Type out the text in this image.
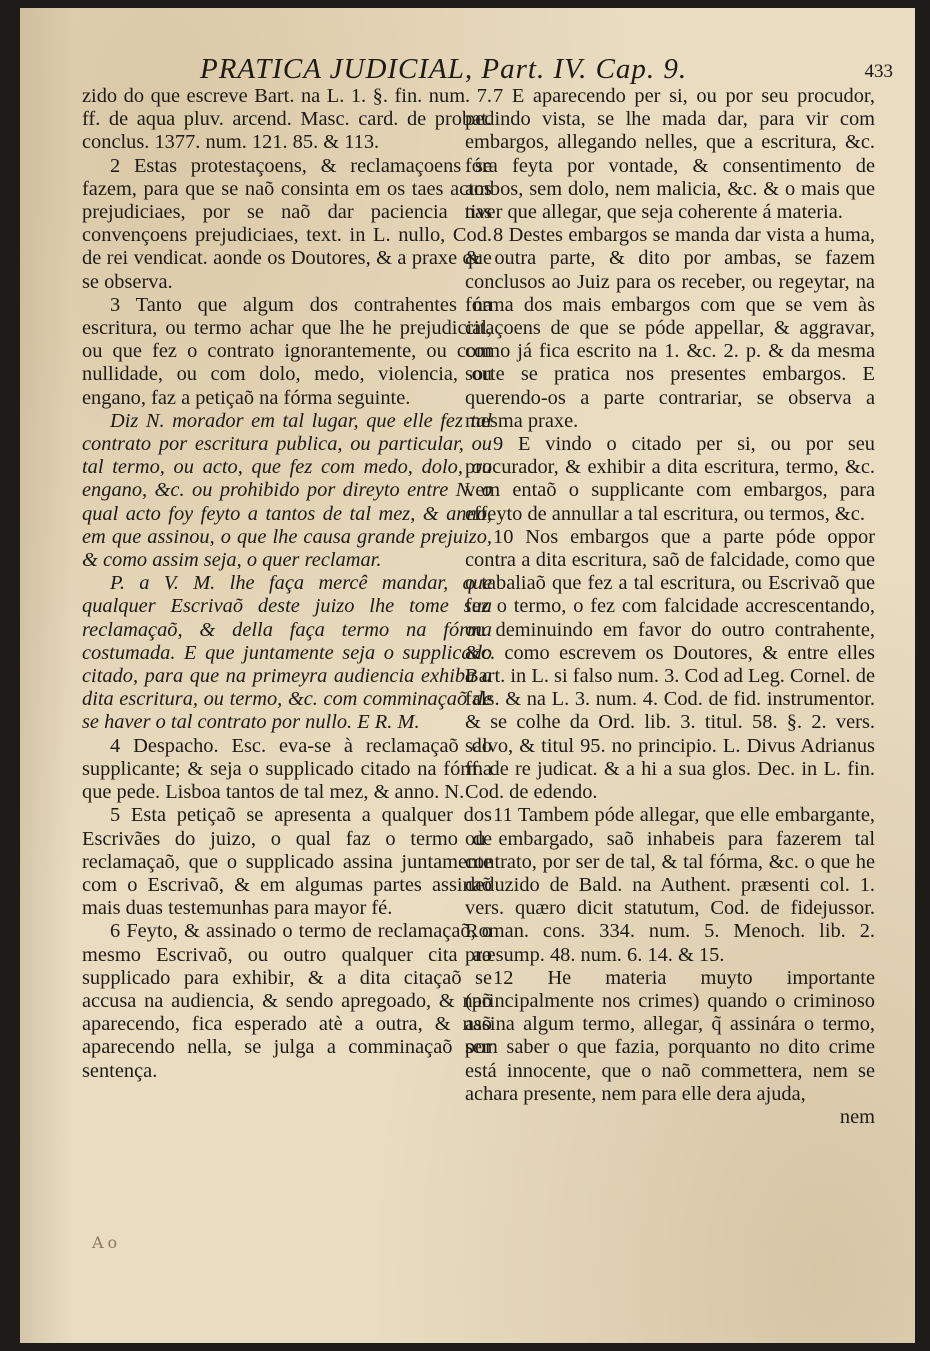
PRATICA JUDICIAL, Part. IV. Cap. 9.	433

zido do que escreve Bart. na L. 1. §. fin. num. 7. ff. de aqua pluv. arcend. Masc. card. de probat. conclus. 1377. num. 121. 85. & 113.

2 Estas protestaçoens, & reclamaçoens se fazem, para que se naõ consinta em os taes actos prejudiciaes, por se naõ dar paciencia nas convençoens prejudiciaes, text. in L. nullo, Cod. de rei vendicat. aonde os Doutores, & a praxe que se observa.

3 Tanto que algum dos contrahentes na escritura, ou termo achar que lhe he prejudicial, ou que fez o contrato ignorantemente, ou com nullidade, ou com dolo, medo, violencia, ou engano, faz a petiçaõ na fórma seguinte.

Diz N. morador em tal lugar, que elle fez tal contrato por escritura publica, ou particular, ou tal termo, ou acto, que fez com medo, dolo, ou engano, &c. ou prohibido por direyto entre N. o qual acto foy feyto a tantos de tal mez, & anno, em que assinou, o que lhe causa grande prejuizo, & como assim seja, o quer reclamar.

P. a V. M. lhe faça mercê mandar, que qualquer Escrivaõ deste juizo lhe tome sua reclamaçaõ, & della faça termo na fórma costumada. E que juntamente seja o supplicado citado, para que na primeyra audiencia exhiba a dita escritura, ou termo, &c. com comminaçaõ de se haver o tal contrato por nullo. E R. M.

4 Despacho. Esc. eva-se à reclamaçaõ do supplicante; & seja o supplicado citado na fórma que pede. Lisboa tantos de tal mez, & anno. N.

5 Esta petiçaõ se apresenta a qualquer dos Escrivães do juizo, o qual faz o termo de reclamaçaõ, que o supplicado assina juntamente com o Escrivaõ, & em algumas partes assinaõ mais duas testemunhas para mayor fé.

6 Feyto, & assinado o termo de reclamaçaõ, o mesmo Escrivaõ, ou outro qualquer cita ao supplicado para exhibir, & a dita citaçaõ se accusa na audiencia, & sendo apregoado, & naõ aparecendo, fica esperado atè a outra, & naõ aparecendo nella, se julga a comminaçaõ por sentença.

7 E aparecendo per si, ou por seu procudor, pedindo vista, se lhe mada dar, para vir com embargos, allegando nelles, que a escritura, &c. fóra feyta por vontade, & consentimento de ambos, sem dolo, nem malicia, &c. & o mais que tiver que allegar, que seja coherente á materia.

8 Destes embargos se manda dar vista a huma, & outra parte, & dito por ambas, se fazem conclusos ao Juiz para os receber, ou regeytar, na fórma dos mais embargos com que se vem às citaçoens de que se póde appellar, & aggravar, como já fica escrito na 1. &c. 2. p. & da mesma sorte se pratica nos presentes embargos. E querendo-os a parte contrariar, se observa a mesma praxe.

9 E vindo o citado per si, ou por seu procurador, & exhibir a dita escritura, termo, &c. vem entaõ o supplicante com embargos, para effeyto de annullar a tal escritura, ou termos, &c.

10 Nos embargos que a parte póde oppor contra a dita escritura, saõ de falcidade, como que o tabaliaõ que fez a tal escritura, ou Escrivaõ que fez o termo, o fez com falcidade accrescentando, ou deminuindo em favor do outro contrahente, &c. como escrevem os Doutores, & entre elles Bart. in L. si falso num. 3. Cod ad Leg. Cornel. de fals. & na L. 3. num. 4. Cod. de fid. instrumentor. & se colhe da Ord. lib. 3. titul. 58. §. 2. vers. salvo, & titul 95. no principio. L. Divus Adrianus ff. de re judicat. & a hi a sua glos. Dec. in L. fin. Cod. de edendo.

11 Tambem póde allegar, que elle embargante, ou embargado, saõ inhabeis para fazerem tal contrato, por ser de tal, & tal fórma, &c. o que he deduzido de Bald. na Authent. præsenti col. 1. vers. quæro dicit statutum, Cod. de fidejussor. Roman. cons. 334. num. 5. Menoch. lib. 2. præsump. 48. num. 6. 14. & 15.

12 He materia muyto importante (principalmente nos crimes) quando o criminoso assina algum termo, allegar, q̃ assinára o termo, sem saber o que fazia, porquanto no dito crime está innocente, que o naõ commettera, nem se achara presente, nem para elle dera ajuda,

nem

Ao
